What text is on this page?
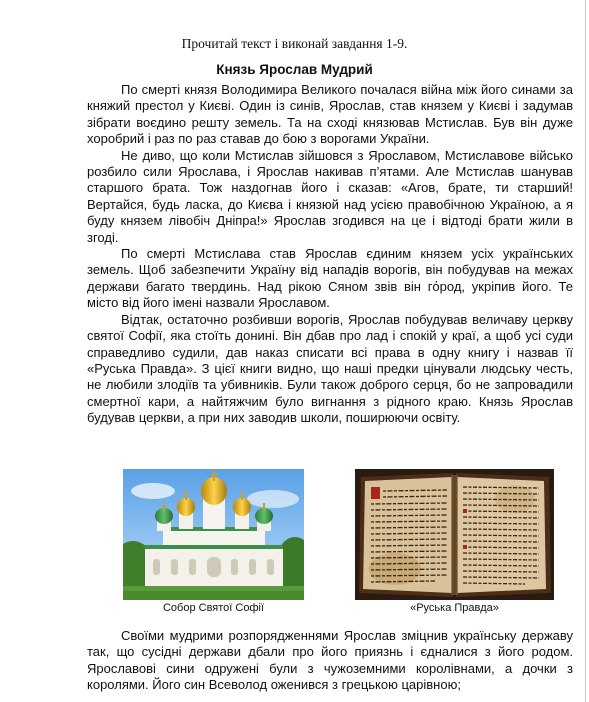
Прочитай текст і виконай завдання 1-9.
Князь Ярослав Мудрий

По смерті князя Володимира Великого почалася війна між його синами за княжий престол у Києві. Один із синів, Ярослав, став князем у Києві і задумав зібрати воєдино решту земель. Та на сході князював Мстислав. Був він дуже хоробрий і раз по раз ставав до бою з ворогами України.

Не диво, що коли Мстислав зійшовся з Ярославом, Мстиславове військо розбило сили Ярослава, і Ярослав накивав п’ятами. Але Мстислав шанував старшого брата. Тож наздогнав його і сказав: «Агов, брате, ти старший! Вертайся, будь ласка, до Києва і князюй над усією правобічною Україною, а я буду князем лівобіч Дніпра!» Ярослав згодився на це і відтоді брати жили в згоді.

По смерті Мстислава став Ярослав єдиним князем усіх українських земель. Щоб забезпечити Україну від нападів ворогів, він побудував на межах держави багато твердинь. Над рікою Сяном звів він гόрод, укріпив його. Те місто від його імені назвали Ярославом.

Відтак, остаточно розбивши ворогів, Ярослав побудував величаву церкву святої Софії, яка стоїть донині. Він дбав про лад і спокій у краї, а щоб усі суди справедливо судили, дав наказ списати всі права в одну книгу і назвав її «Руська Правда». З цієї книги видно, що наші предки цінували людську честь, не любили злодіїв та убивників. Були також доброго серця, бо не запровадили смертної кари, а найтяжчим було вигнання з рідного краю. Князь Ярослав будував церкви, а при них заводив школи, поширюючи освіту.

Собор Святої Софії	«Руська Правда»

Своїми мудрими розпорядженнями Ярослав зміцнив українську державу так, що сусідні держави дбали про його приязнь і єдналися з його родом. Ярославові сини одружені були з чужоземними королівнами, а дочки з королями. Його син Всеволод оженився з грецькою царівною;
